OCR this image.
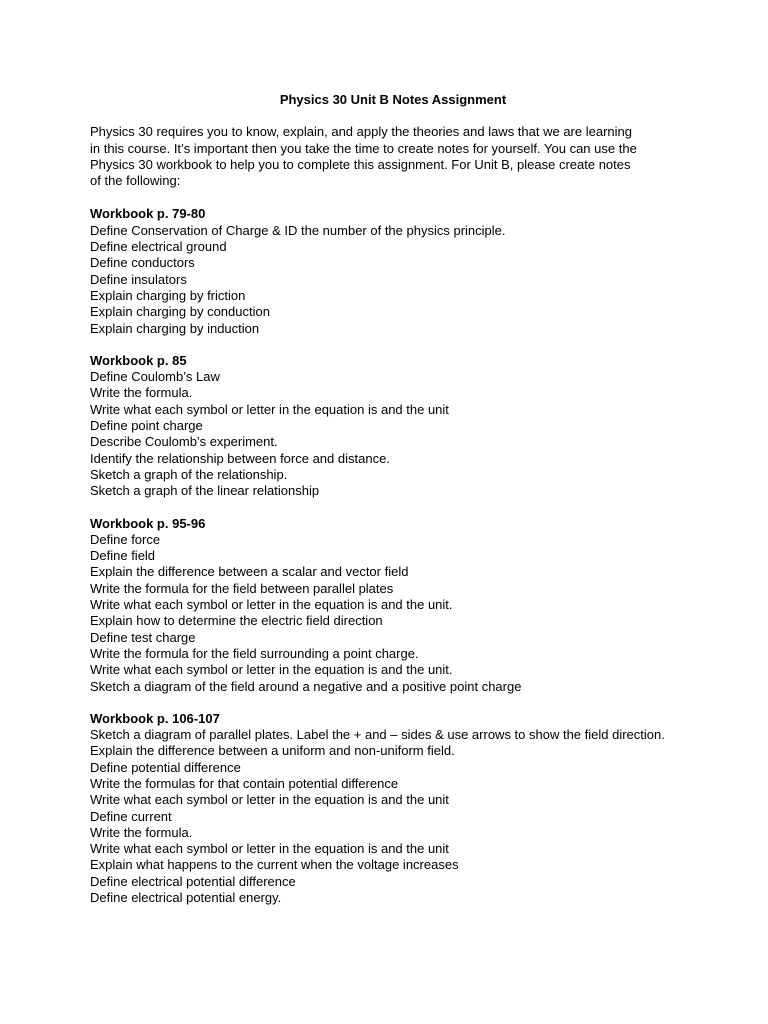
Physics 30 Unit B Notes Assignment
Physics 30 requires you to know, explain, and apply the theories and laws that we are learning
in this course. It’s important then you take the time to create notes for yourself. You can use the
Physics 30 workbook to help you to complete this assignment. For Unit B, please create notes
of the following:
Workbook p. 79-80
Define Conservation of Charge & ID the number of the physics principle.
Define electrical ground
Define conductors
Define insulators
Explain charging by friction
Explain charging by conduction
Explain charging by induction
Workbook p. 85
Define Coulomb’s Law
Write the formula.
Write what each symbol or letter in the equation is and the unit
Define point charge
Describe Coulomb’s experiment.
Identify the relationship between force and distance.
Sketch a graph of the relationship.
Sketch a graph of the linear relationship
Workbook p. 95-96
Define force
Define field
Explain the difference between a scalar and vector field
Write the formula for the field between parallel plates
Write what each symbol or letter in the equation is and the unit.
Explain how to determine the electric field direction
Define test charge
Write the formula for the field surrounding a point charge.
Write what each symbol or letter in the equation is and the unit.
Sketch a diagram of the field around a negative and a positive point charge
Workbook p. 106-107
Sketch a diagram of parallel plates. Label the + and – sides & use arrows to show the field direction.
Explain the difference between a uniform and non-uniform field.
Define potential difference
Write the formulas for that contain potential difference
Write what each symbol or letter in the equation is and the unit
Define current
Write the formula.
Write what each symbol or letter in the equation is and the unit
Explain what happens to the current when the voltage increases
Define electrical potential difference
Define electrical potential energy.
